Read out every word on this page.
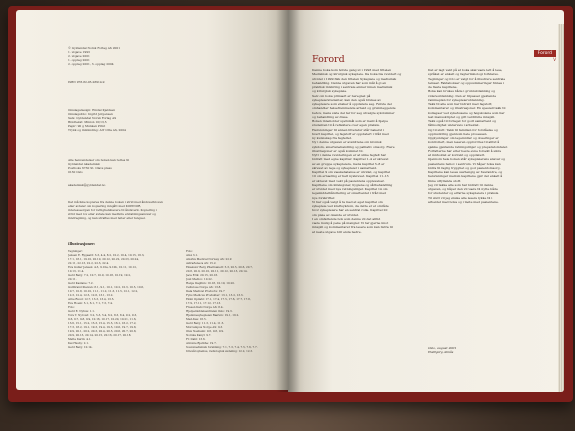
© Gyldendal Norsk Forlag AS 2001
1. utgave 1993
2. utgave 2001
1. opplag 2001
2. opplag 2001, 3. opplag 2004
ISBN 978-82-05-28914-9
Omslagsdesign: Eindal Kjeldsen
Omslagsfoto: Ingrid Jørgensen
Sats: Gyldendal Norsk Forlag AS
Brødtekst: Minion 10/13,5
Papir: 90 g Munken Print
Trykk og innbinding: AiT Otta AS, 2004
Alle henvendelser om boken kan rettes til
Gyldendal Akademisk
Postboks 6730 St. Olavs plass
0130 Oslo
akademisk@gyldendal.no
Det må ikke kopieres fra denne boken i strid med åndsverkloven
eller avtaler om kopiering inngått med KOPINOR,
interesseorgan for rettighetshavere til åndsverk. Kopiering i
strid med lov eller avtale kan medføre erstatningsansvar og
inndragning, og kan straffes med bøter eller fengsel.
Illustrasjoner:
Tegninger:
Jensen E. Rygaard: 3.3, 4.4, 8.2, 10.2, 10.4, 10.15, 16.3,
17.1, 18.1, 19.10, 20.10, 20.12, 20.22, 20.23, 20.24,
22.11, 22.13, 22.2, 22.3, 22.4.
Eva Guller Jensen: 4.3, 9.10a, 9.10b, 10.11, 10.12,
10.13, 11.4.
Gerd Berg: 7.2, 10.7, 10.9, 10.18, 10.19, 19.2,
20.11.
Gerd Kastane: 7.2.
Gullbrand Kleiven: 8.1, 9.1, 10.1, 10.2, 10.3, 10.5, 10.6,
10.7, 10.8, 10.10, 11.1, 11.2, 11.3, 11.5, 12.1, 12.2,
12.3, 12.4, 12.5, 12.6, 13.1, 13.2.
Arne Ruud: 12.7, 13.3, 13.4, 13.5.
Eve Hoem: 5.1, 6.1, 7.1, 7.3, 7.4.
Foto:
Gerd E. Nyhus: 1.1.
Tore T. Nyroud: 3.2, 5.3, 5.4, 6.2, 8.3, 8.4, 9.2, 9.3,
9.6, 9.7, 9.8, 9.9, 10.16, 10.17, 10.20, 10.21, 11.6,
13.6, 15.1, 15.2, 15.3, 15.4, 15.5, 16.1, 16.2, 17.2,
17.3, 18.2, 19.1, 19.3, 19.4, 19.5, 19.6, 19.7, 19.8,
19.9, 20.1, 20.2, 20.3, 20.4, 20.5, 20.6, 20.7, 20.8,
20.9, 20.13, 20.14, 20.15, 20.16, 20.17, 20.18.
Mette Karin: 4.1.
Kai Husby: 2.1.
Gerd Berg: 10.14.
Foto:
AGA 3.1.
AGASA Medical Norway AS: 22.9
AstraZeneca AS: 15.2.
Ekselsior Berg Pharmanett: 5.3, 20.5, 20.6, 20.7,
20.8, 20.9, 20.10, 20.11, 20.12, 20.13, 20.14.
Jaca Erik: 20.15, 20.16.
Juul Medico: 10.22.
Helge Dagfinn: 10.18, 10.19, 10.20.
Cellulose Norge AS: 13.8.
Dala Medical Products: 19.7
Fyns Medicus Produkter: 13.1, 13.2, 13.3.
Ekmi Opdahl: 17.1, 17.4, 17.5, 17.6, 17.7, 17.8,
17.9, 17.11, 17.12, 17.13.
Fresen Kabi Norge AS: 8.4.
Hjelpemiddelsentralen Oslo: 19.3.
Hjemmesykepleien Bærum: 19.1, 19.2.
Med-Kas: 16.5.
Gerd Berg: 11.3, 11.4, 11.5.
Morcampus Norge AS: 9.3.
Olav Nesheim: 9.6, 9.8, 9.9.
Norska Kanyl: 9.7.
Fr. Dahl: 13.6.
Antonie Bjerkhe: 19.7.
Sosiomedisinsk forskning: 7.1, 7.3, 7.4, 7.5, 7.6, 7.7.
Ullevål sykehus, radiologisk avdeling: 12.2, 12.3.
Forord
V
Forord
Denne boka kom første gang ut i 1993 med tittelen
Medisinsk og kirurgisk sykepleie. Da boka ble revidert og
utvidet i 1999 fikk den tittelen Sykepleie og medisinsk
behandling. Denne utgaven har som mål å gi en
praktisk innføring i sentrale emner innen medisinsk
og kirurgisk sykepleie.
Selv om boka primært er beregnet på
sykepleierstudenter, kan den også brukes av
sykepleiere som ønsker å oppdatere seg. Første del
omhandler helsefremmende arbeid og grunnleggende
behov, mens siste del tar for seg utvalgte sykdommer
og behandling av disse.
Boken inneholder spørsmål som er ment å hjelpe
studenten til å reflektere over egen praksis.
Henvisninger til annen litteratur står bakerst i
hvert kapittel, og fagstoff er oppdatert i tråd med
ny kunnskap fra fagfeltet.
Ny i denne utgaven er avsnittene om kronisk
sykdom, smertebehandling og palliativ omsorg. Flere
illustrasjoner er også kommet til.
Nytt i denne revideringen er at ulike fagfelt har
bidratt med egne kapitler. Kapittel 1–4 er skrevet
av en gruppe sykepleiere, mens kapittel 5–8 er
skrevet av lege og sykepleier i samarbeid.
Kapittel 9 om væskebalanse er utvidet, og kapittel
10 om ernæring er helt nyskrevet. Kapittel 11–13
er skrevet med vekt på pasientens opplevelser.
Kapitlene om infeksjoner, hygiene og sårbehandling
er utvidet med nye retningslinjer. Kapittel 14 om
legemiddelhåndtering er omarbeidet i tråd med
nye forskrifter.
Vi har også valgt å ta med et eget kapittel om
sykepleie ved kreftsykdom, da dette er et område
hvor sykepleiere har en sentral rolle. Kapittel 20
om pleie av døende er utvidet.
I en omfattende bok som denne vil det alltid
være mulig å peke på mangler. Vi tar gjerne imot
innspill og kommentarer fra lesere som kan bidra til
at neste utgave blir enda bedre.
Det er lagt vekt på at boka skal være lett å lese,
språket er enkelt og fagterminologi forklares.
Tegninger og foto er valgt for å illustrere sentrale
temaer. Faktabokser og oppsummeringer finnes i
de fleste kapitlene.
Boka kan brukes både i grunnutdanning og
videreutdanning. Den er tilpasset gjeldende
rammeplan for sykepleierutdanning.
Takk til alle som har bidratt med fagstoff,
kommentarer og illustrasjoner. En spesiell takk til
kollegaer ved sykehusene og høgskolene som har
lest manuskriptet og gitt verdifulle innspill.
Takk også til forlaget for godt samarbeid og
tålmodighet underveis i arbeidet.
Og til slutt: Takk til familien for forståelse og
oppmuntring gjennom hele prosessen.
Opplysninger om legemidler og doseringer er
kontrollert, men leseren oppfordres til alltid å
sjekke gjeldende retningslinjer og preparatomtaler.
Forfatterne har etter beste evne forsøkt å sikre
at innholdet er korrekt og oppdatert.
Gjennom hele boken står sykepleierens ansvar og
pasientens behov i sentrum. Vi håper boka kan
bidra til faglig trygghet og god pasientomsorg.
Kapitlene kan leses uavhengig av hverandre, og
henvisninger mellom kapitlene gjør det enkelt å
finne utfyllende stoff.
Jeg vil takke alle som har bidratt til denne
utgaven, og håper den vil være til nytte både
for studenter og erfarne sykepleiere i praksis.
Til slutt vil jeg ønske alle lesere lykke til i
arbeidet med boka og i møte med pasientene.
Oslo, august 2001
Hallbjørg Almås
